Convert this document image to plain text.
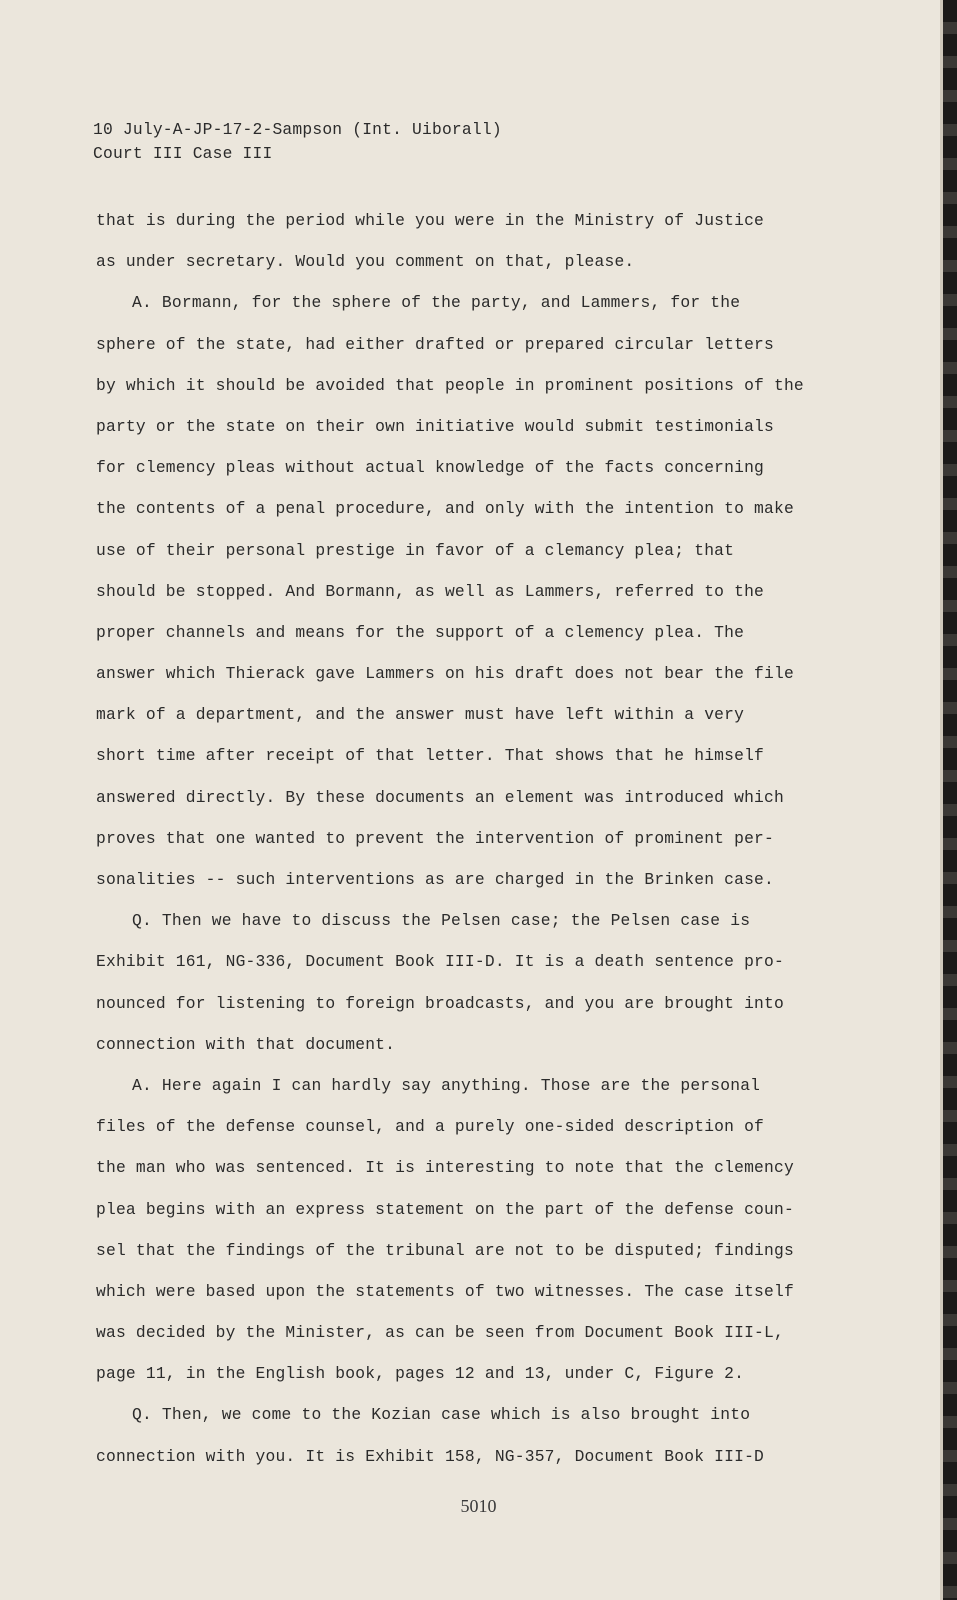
10 July-A-JP-17-2-Sampson (Int. Uiborall)
Court III Case III
that is during the period while you were in the Ministry of Justice
as under secretary. Would you comment on that, please.
A. Bormann, for the sphere of the party, and Lammers, for the
sphere of the state, had either drafted or prepared circular letters
by which it should be avoided that people in prominent positions of the
party or the state on their own initiative would submit testimonials
for clemency pleas without actual knowledge of the facts concerning
the contents of a penal procedure, and only with the intention to make
use of their personal prestige in favor of a clemancy plea; that
should be stopped. And Bormann, as well as Lammers, referred to the
proper channels and means for the support of a clemency plea. The
answer which Thierack gave Lammers on his draft does not bear the file
mark of a department, and the answer must have left within a very
short time after receipt of that letter. That shows that he himself
answered directly. By these documents an element was introduced which
proves that one wanted to prevent the intervention of prominent per-
sonalities -- such interventions as are charged in the Brinken case.
Q. Then we have to discuss the Pelsen case; the Pelsen case is
Exhibit 161, NG-336, Document Book III-D. It is a death sentence pro-
nounced for listening to foreign broadcasts, and you are brought into
connection with that document.
A. Here again I can hardly say anything. Those are the personal
files of the defense counsel, and a purely one-sided description of
the man who was sentenced. It is interesting to note that the clemency
plea begins with an express statement on the part of the defense coun-
sel that the findings of the tribunal are not to be disputed; findings
which were based upon the statements of two witnesses. The case itself
was decided by the Minister, as can be seen from Document Book III-L,
page 11, in the English book, pages 12 and 13, under C, Figure 2.
Q. Then, we come to the Kozian case which is also brought into
connection with you. It is Exhibit 158, NG-357, Document Book III-D
5010
